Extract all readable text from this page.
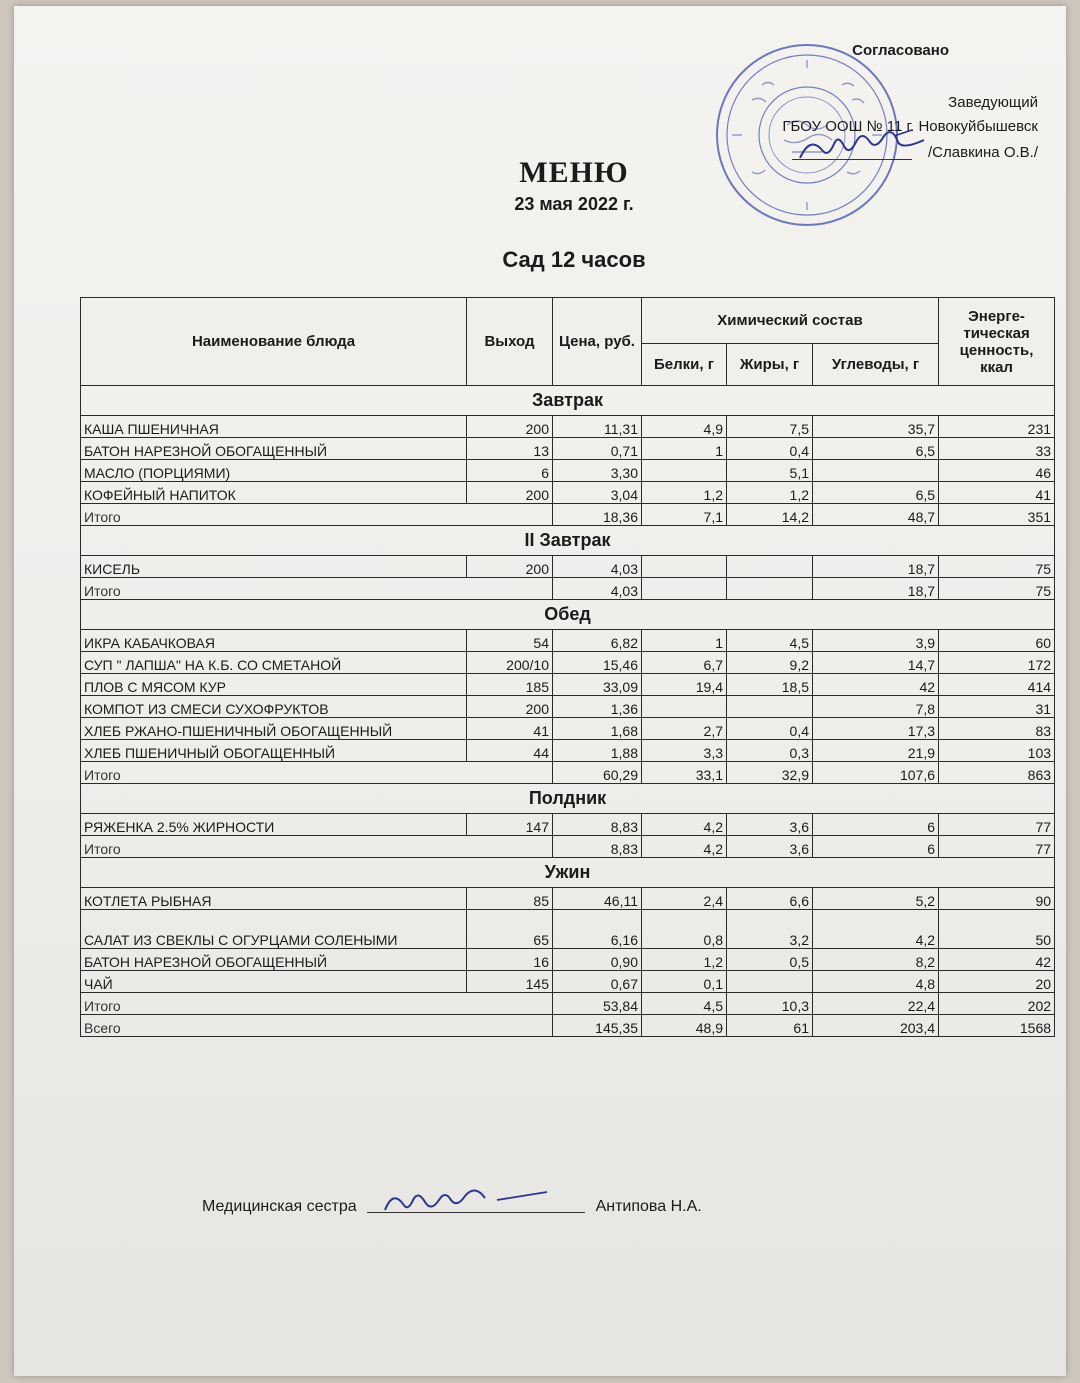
Согласовано
Заведующий
ГБОУ ООШ № 11 г. Новокуйбышевск
/Славкина О.В./
МЕНЮ
23 мая 2022 г.
Сад 12 часов
Наименование блюда	Выход	Цена, руб.	Химический состав			Энерге-тическая ценность, ккал
			Белки, г	Жиры, г	Углеводы, г	
Завтрак						
КАША ПШЕНИЧНАЯ	200	11,31	4,9	7,5	35,7	231
БАТОН НАРЕЗНОЙ ОБОГАЩЕННЫЙ	13	0,71	1	0,4	6,5	33
МАСЛО (ПОРЦИЯМИ)	6	3,30		5,1		46
КОФЕЙНЫЙ НАПИТОК	200	3,04	1,2	1,2	6,5	41
Итого		18,36	7,1	14,2	48,7	351
II Завтрак						
КИСЕЛЬ	200	4,03			18,7	75
Итого		4,03			18,7	75
Обед						
ИКРА КАБАЧКОВАЯ	54	6,82	1	4,5	3,9	60
СУП " ЛАПША" НА К.Б. СО СМЕТАНОЙ	200/10	15,46	6,7	9,2	14,7	172
ПЛОВ С МЯСОМ КУР	185	33,09	19,4	18,5	42	414
КОМПОТ ИЗ СМЕСИ СУХОФРУКТОВ	200	1,36			7,8	31
ХЛЕБ РЖАНО-ПШЕНИЧНЫЙ ОБОГАЩЕННЫЙ	41	1,68	2,7	0,4	17,3	83
ХЛЕБ ПШЕНИЧНЫЙ ОБОГАЩЕННЫЙ	44	1,88	3,3	0,3	21,9	103
Итого		60,29	33,1	32,9	107,6	863
Полдник						
РЯЖЕНКА 2.5% ЖИРНОСТИ	147	8,83	4,2	3,6	6	77
Итого		8,83	4,2	3,6	6	77
Ужин						
КОТЛЕТА РЫБНАЯ	85	46,11	2,4	6,6	5,2	90
САЛАТ ИЗ СВЕКЛЫ С ОГУРЦАМИ СОЛЕНЫМИ	65	6,16	0,8	3,2	4,2	50
БАТОН НАРЕЗНОЙ ОБОГАЩЕННЫЙ	16	0,90	1,2	0,5	8,2	42
ЧАЙ	145	0,67	0,1		4,8	20
Итого		53,84	4,5	10,3	22,4	202
Всего		145,35	48,9	61	203,4	1568
Медицинская сестра	Антипова Н.А.
